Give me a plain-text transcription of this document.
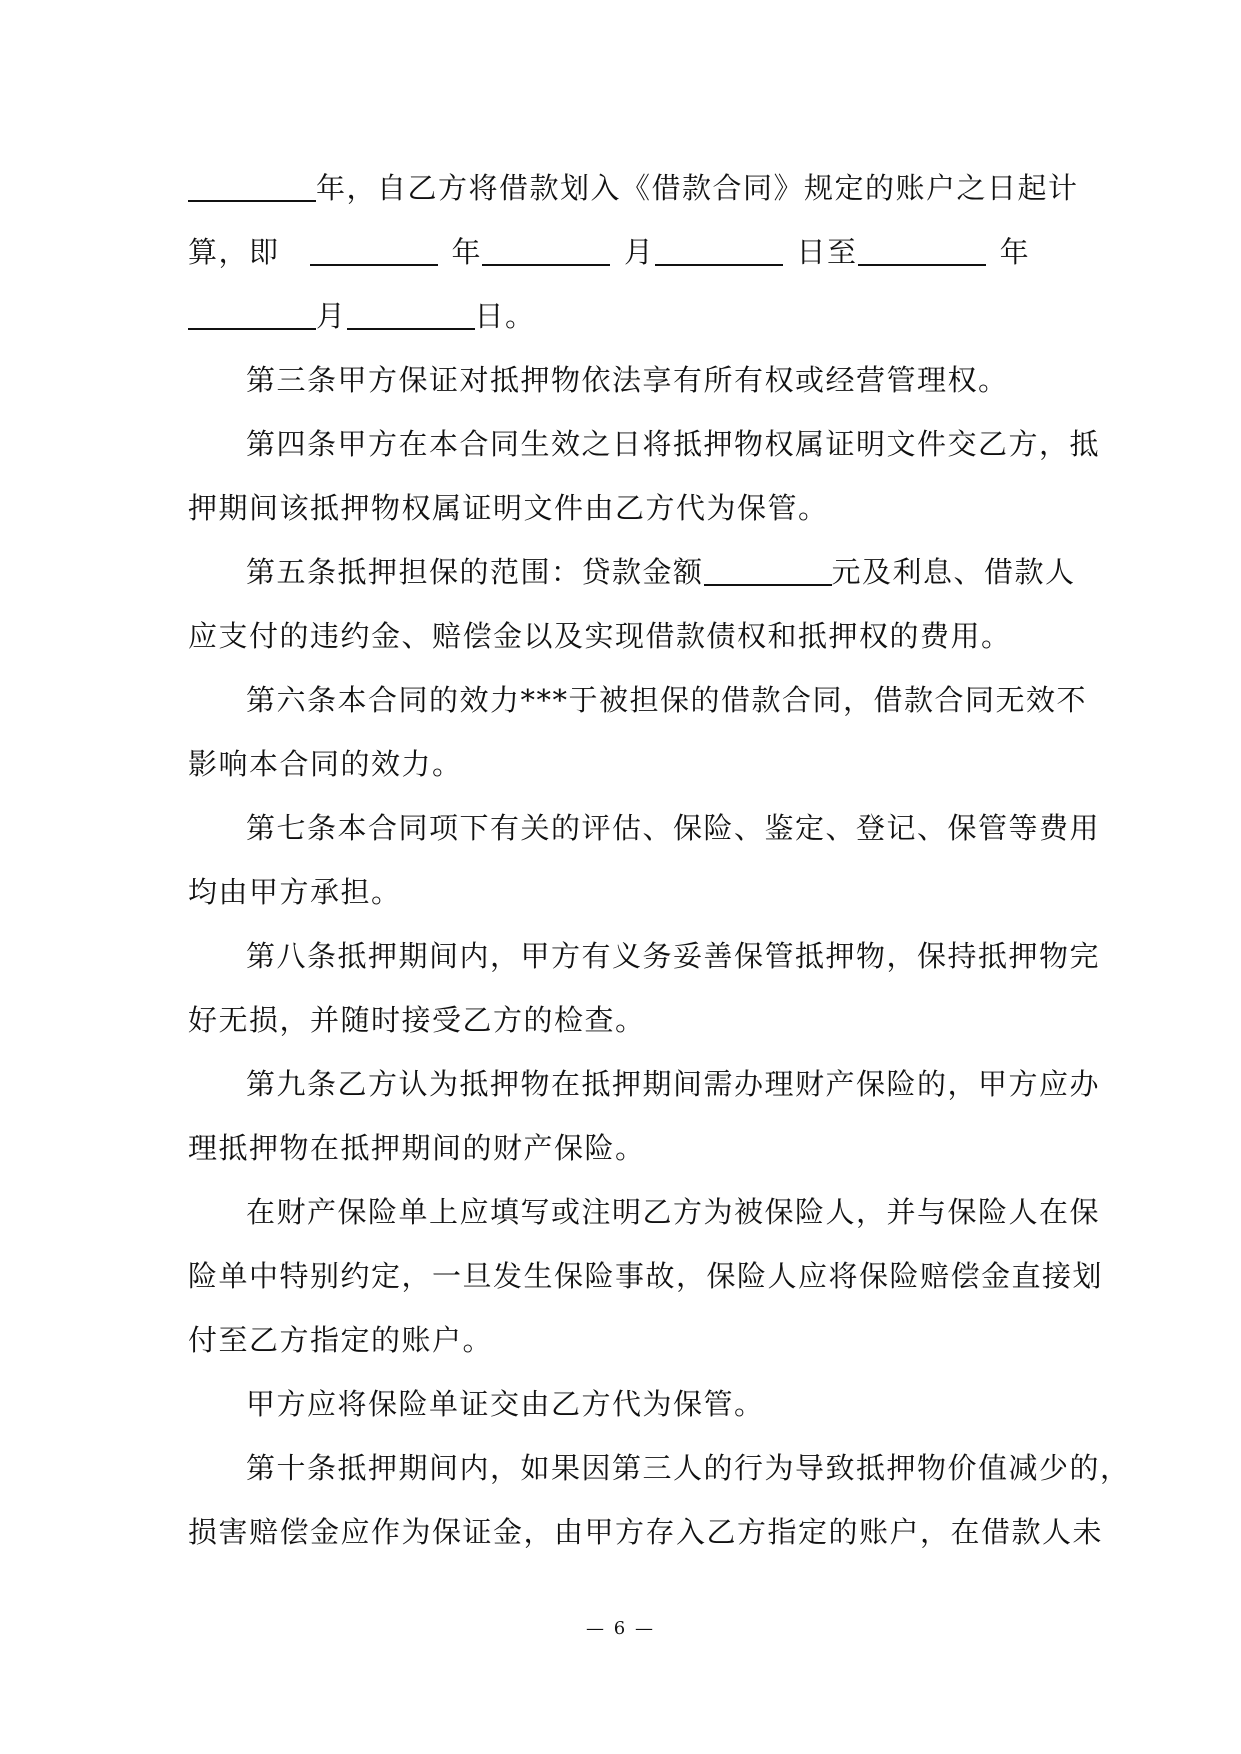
年，自乙方将借款划入《借款合同》规定的账户之日起计
算，即	年	月	日至	年
月	日。

第三条甲方保证对抵押物依法享有所有权或经营管理权。

第四条甲方在本合同生效之日将抵押物权属证明文件交乙方，抵
押期间该抵押物权属证明文件由乙方代为保管。

第五条抵押担保的范围：贷款金额	元及利息、借款人
应支付的违约金、赔偿金以及实现借款债权和抵押权的费用。

第六条本合同的效力***于被担保的借款合同，借款合同无效不
影响本合同的效力。

第七条本合同项下有关的评估、保险、鉴定、登记、保管等费用
均由甲方承担。

第八条抵押期间内，甲方有义务妥善保管抵押物，保持抵押物完
好无损，并随时接受乙方的检查。

第九条乙方认为抵押物在抵押期间需办理财产保险的，甲方应办
理抵押物在抵押期间的财产保险。

在财产保险单上应填写或注明乙方为被保险人，并与保险人在保
险单中特别约定，一旦发生保险事故，保险人应将保险赔偿金直接划
付至乙方指定的账户。

甲方应将保险单证交由乙方代为保管。

第十条抵押期间内，如果因第三人的行为导致抵押物价值减少的，
损害赔偿金应作为保证金，由甲方存入乙方指定的账户，在借款人未

— 6 —
